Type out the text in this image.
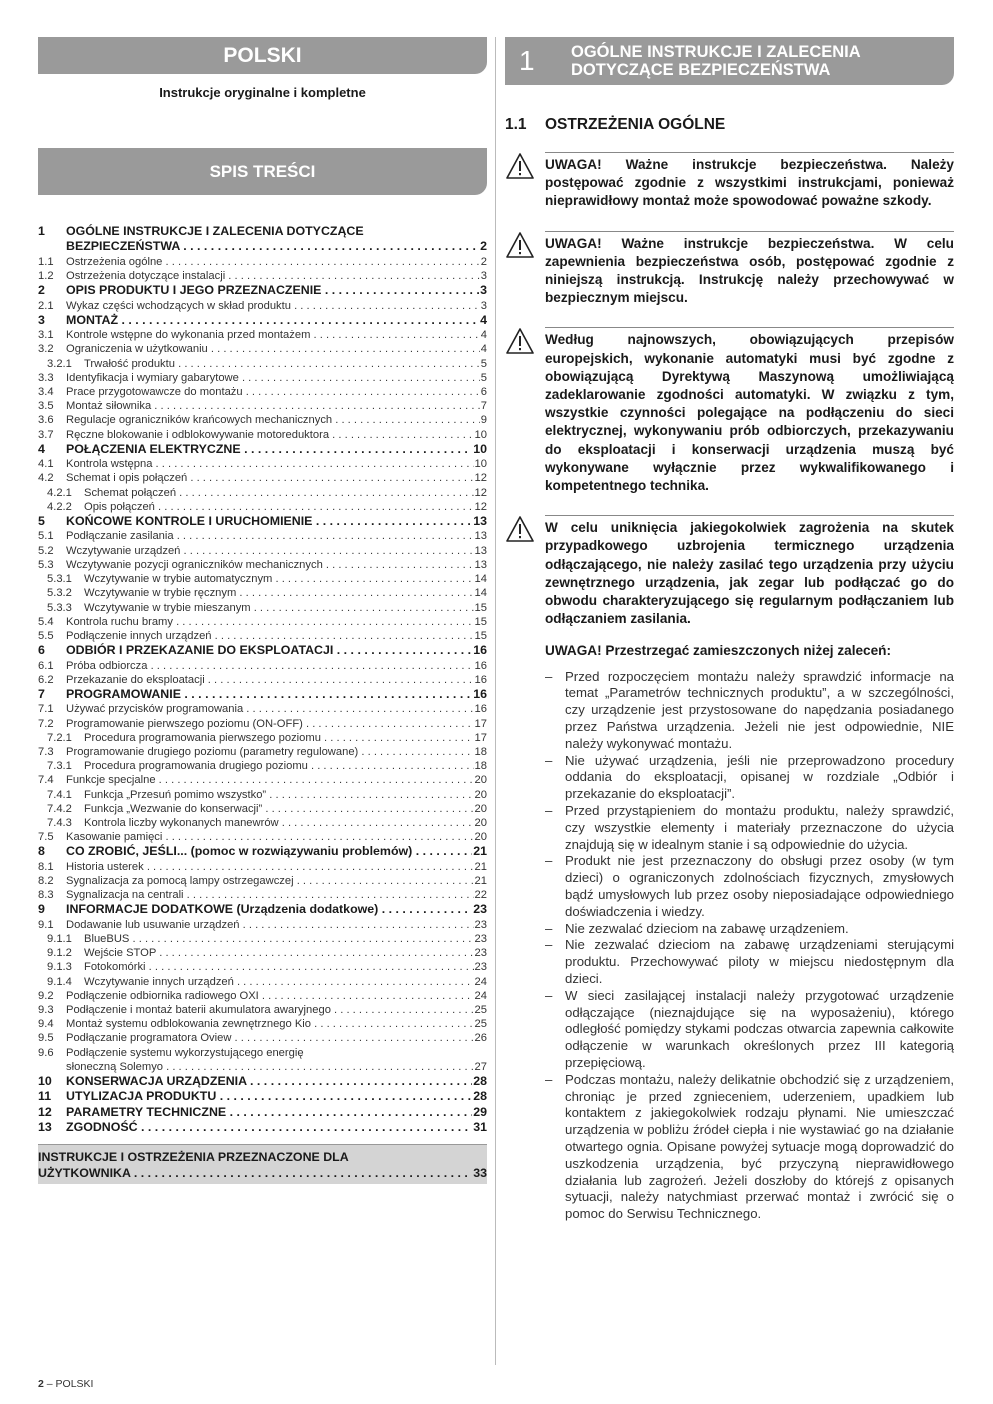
POLSKI
Instrukcje oryginalne i kompletne
SPIS TREŚCI
1	OGÓLNE INSTRUKCJE I ZALECENIA DOTYCZĄCE
BEZPIECZEŃSTWA . . .	2
1.1	Ostrzeżenia ogólne . . .	2
1.2	Ostrzeżenia dotyczące instalacji . . .	3
2	OPIS PRODUKTU I JEGO PRZEZNACZENIE . . .	3
2.1	Wykaz części wchodzących w skład produktu . . .	3
3	MONTAŻ . . .	4
3.1	Kontrole wstępne do wykonania przed montażem . . .	4
3.2	Ograniczenia w użytkowaniu . . .	4
3.2.1	Trwałość produktu . . .	5
3.3	Identyfikacja i wymiary gabarytowe . . .	5
3.4	Prace przygotowawcze do montażu . . .	6
3.5	Montaż siłownika . . .	7
3.6	Regulacje ograniczników krańcowych mechanicznych . . .	9
3.7	Ręczne blokowanie i odblokowywanie motoreduktora . . .	10
4	POŁĄCZENIA ELEKTRYCZNE . . .	10
4.1	Kontrola wstępna . . .	10
4.2	Schemat i opis połączeń . . .	12
4.2.1	Schemat połączeń . . .	12
4.2.2	Opis połączeń . . .	12
5	KOŃCOWE KONTROLE I URUCHOMIENIE . . .	13
5.1	Podłączanie zasilania . . .	13
5.2	Wczytywanie urządzeń . . .	13
5.3	Wczytywanie pozycji ograniczników mechanicznych . . .	13
5.3.1	Wczytywanie w trybie automatycznym . . .	14
5.3.2	Wczytywanie w trybie ręcznym . . .	14
5.3.3	Wczytywanie w trybie mieszanym . . .	15
5.4	Kontrola ruchu bramy . . .	15
5.5	Podłączenie innych urządzeń . . .	15
6	ODBIÓR I PRZEKAZANIE DO EKSPLOATACJI . . .	16
6.1	Próba odbiorcza . . .	16
6.2	Przekazanie do eksploatacji . . .	16
7	PROGRAMOWANIE . . .	16
7.1	Używać przycisków programowania . . .	16
7.2	Programowanie pierwszego poziomu (ON-OFF) . . .	17
7.2.1	Procedura programowania pierwszego poziomu . . .	17
7.3	Programowanie drugiego poziomu (parametry regulowane) . . .	18
7.3.1	Procedura programowania drugiego poziomu . . .	18
7.4	Funkcje specjalne . . .	20
7.4.1	Funkcja „Przesuń pomimo wszystko” . . .	20
7.4.2	Funkcja „Wezwanie do konserwacji” . . .	20
7.4.3	Kontrola liczby wykonanych manewrów . . .	20
7.5	Kasowanie pamięci . . .	20
8	CO ZROBIĆ, JEŚLI... (pomoc w rozwiązywaniu problemów) . . .	21
8.1	Historia usterek . . .	21
8.2	Sygnalizacja za pomocą lampy ostrzegawczej . . .	21
8.3	Sygnalizacja na centrali . . .	22
9	INFORMACJE DODATKOWE (Urządzenia dodatkowe) . . .	23
9.1	Dodawanie lub usuwanie urządzeń . . .	23
9.1.1	BlueBUS . . .	23
9.1.2	Wejście STOP . . .	23
9.1.3	Fotokomórki . . .	23
9.1.4	Wczytywanie innych urządzeń . . .	24
9.2	Podłączenie odbiornika radiowego OXI . . .	24
9.3	Podłączenie i montaż baterii akumulatora awaryjnego . . .	25
9.4	Montaż systemu odblokowania zewnętrznego Kio . . .	25
9.5	Podłączanie programatora Oview . . .	26
9.6	Podłączenie systemu wykorzystującego energię
słoneczną Solemyo . . .	27
10	KONSERWACJA URZĄDZENIA . . .	28
11	UTYLIZACJA PRODUKTU . . .	28
12	PARAMETRY TECHNICZNE . . .	29
13	ZGODNOŚĆ . . .	31
INSTRUKCJE I OSTRZEŻENIA PRZEZNACZONE DLA
UŻYTKOWNIKA . . .	33
1 OGÓLNE INSTRUKCJE I ZALECENIA DOTYCZĄCE BEZPIECZEŃSTWA
1.1	OSTRZEŻENIA OGÓLNE
UWAGA! Ważne instrukcje bezpieczeństwa. Należy postępować zgodnie z wszystkimi instrukcjami, ponieważ nieprawidłowy montaż może spowodować poważne szkody.
UWAGA! Ważne instrukcje bezpieczeństwa. W celu zapewnienia bezpieczeństwa osób, postępować zgodnie z niniejszą instrukcją. Instrukcję należy przechowywać w bezpiecznym miejscu.
Według najnowszych, obowiązujących przepisów europejskich, wykonanie automatyki musi być zgodne z obowiązującą Dyrektywą Maszynową umożliwiającą zadeklarowanie zgodności automatyki. W związku z tym, wszystkie czynności polegające na podłączeniu do sieci elektrycznej, wykonywaniu prób odbiorczych, przekazywaniu do eksploatacji i konserwacji urządzenia muszą być wykonywane wyłącznie przez wykwalifikowanego i kompetentnego technika.
W celu uniknięcia jakiegokolwiek zagrożenia na skutek przypadkowego uzbrojenia termicznego urządzenia odłączającego, nie należy zasilać tego urządzenia przy użyciu zewnętrznego urządzenia, jak zegar lub podłączać go do obwodu charakteryzującego się regularnym podłączaniem lub odłączaniem zasilania.
UWAGA! Przestrzegać zamieszczonych niżej zaleceń:
– Przed rozpoczęciem montażu należy sprawdzić informacje na temat „Parametrów technicznych produktu”, a w szczególności, czy urządzenie jest przystosowane do napędzania posiadanego przez Państwa urządzenia. Jeżeli nie jest odpowiednie, NIE należy wykonywać montażu.
– Nie używać urządzenia, jeśli nie przeprowadzono procedury oddania do eksploatacji, opisanej w rozdziale „Odbiór i przekazanie do eksploatacji”.
– Przed przystąpieniem do montażu produktu, należy sprawdzić, czy wszystkie elementy i materiały przeznaczone do użycia znajdują się w idealnym stanie i są odpowiednie do użycia.
– Produkt nie jest przeznaczony do obsługi przez osoby (w tym dzieci) o ograniczonych zdolnościach fizycznych, zmysłowych bądź umysłowych lub przez osoby nieposiadające odpowiedniego doświadczenia i wiedzy.
– Nie zezwalać dzieciom na zabawę urządzeniem.
– Nie zezwalać dzieciom na zabawę urządzeniami sterującymi produktu. Przechowywać piloty w miejscu niedostępnym dla dzieci.
– W sieci zasilającej instalacji należy przygotować urządzenie odłączające (nieznajdujące się na wyposażeniu), którego odległość pomiędzy stykami podczas otwarcia zapewnia całkowite odłączenie w warunkach określonych przez III kategorią przepięciową.
– Podczas montażu, należy delikatnie obchodzić się z urządzeniem, chroniąc je przed zgnieceniem, uderzeniem, upadkiem lub kontaktem z jakiegokolwiek rodzaju płynami. Nie umieszczać urządzenia w pobliżu źródeł ciepła i nie wystawiać go na działanie otwartego ognia. Opisane powyżej sytuacje mogą doprowadzić do uszkodzenia urządzenia, być przyczyną nieprawidłowego działania lub zagrożeń. Jeżeli doszłoby do którejś z opisanych sytuacji, należy natychmiast przerwać montaż i zwrócić się o pomoc do Serwisu Technicznego.
2 – POLSKI
